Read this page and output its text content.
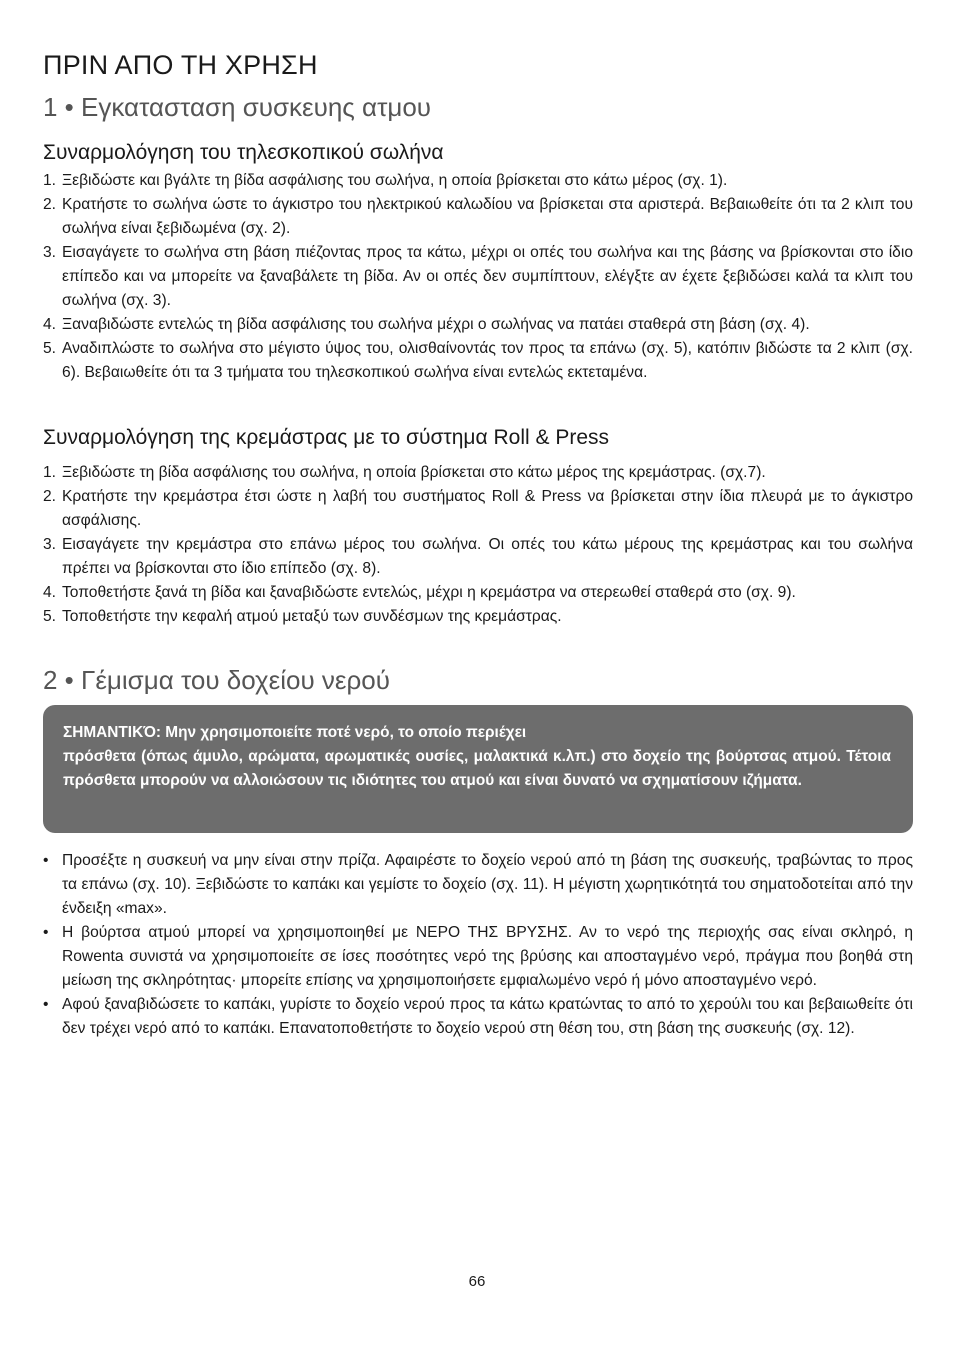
ΠΡΙΝ ΑΠΟ ΤΗ ΧΡΗΣΗ
1 • Εγκατασταση συσκευης ατμου
Συναρμολόγηση του τηλεσκοπικού σωλήνα
1. Ξεβιδώστε και βγάλτε τη βίδα ασφάλισης του σωλήνα, η οποία βρίσκεται στο κάτω μέρος (σχ. 1).
2. Κρατήστε το σωλήνα ώστε το άγκιστρο του ηλεκτρικού καλωδίου να βρίσκεται στα αριστερά. Βεβαιωθείτε ότι τα 2 κλιπ του σωλήνα είναι ξεβιδωμένα (σχ. 2).
3. Εισαγάγετε το σωλήνα στη βάση πιέζοντας προς τα κάτω, μέχρι οι οπές του σωλήνα και της βάσης να βρίσκονται στο ίδιο επίπεδο και να μπορείτε να ξαναβάλετε τη βίδα. Αν οι οπές δεν συμπίπτουν, ελέγξτε αν έχετε ξεβιδώσει καλά τα κλιπ του σωλήνα (σχ. 3).
4. Ξαναβιδώστε εντελώς τη βίδα ασφάλισης του σωλήνα μέχρι ο σωλήνας να πατάει σταθερά στη βάση (σχ. 4).
5. Αναδιπλώστε το σωλήνα στο μέγιστο ύψος του, ολισθαίνοντάς τον προς τα επάνω (σχ. 5), κατόπιν βιδώστε τα 2 κλιπ (σχ. 6). Βεβαιωθείτε ότι τα 3 τμήματα του τηλεσκοπικού σωλήνα είναι εντελώς εκτεταμένα.
Συναρμολόγηση της κρεμάστρας με το σύστημα Roll & Press
1. Ξεβιδώστε τη βίδα ασφάλισης του σωλήνα, η οποία βρίσκεται στο κάτω μέρος της κρεμάστρας. (σχ.7).
2. Κρατήστε την κρεμάστρα έτσι ώστε η λαβή του συστήματος Roll & Press να βρίσκεται στην ίδια πλευρά με το άγκιστρο ασφάλισης.
3. Εισαγάγετε την κρεμάστρα στο επάνω μέρος του σωλήνα. Οι οπές του κάτω μέρους της κρεμάστρας και του σωλήνα πρέπει να βρίσκονται στο ίδιο επίπεδο (σχ. 8).
4. Τοποθετήστε ξανά τη βίδα και ξαναβιδώστε εντελώς, μέχρι η κρεμάστρα να στερεωθεί σταθερά στο (σχ. 9).
5. Τοποθετήστε την κεφαλή ατμού μεταξύ των συνδέσμων της κρεμάστρας.
2 • Γέμισμα του δοχείου νερού

ΣΗΜΑΝΤΙΚΌ: Μην χρησιμοποιείτε ποτέ νερό, το οποίο περιέχει

πρόσθετα (όπως άμυλο, αρώματα, αρωματικές ουσίες, μαλακτικά κ.λπ.) στο δοχείο της βούρτσας ατμού. Τέτοια πρόσθετα μπορούν να αλλοιώσουν τις ιδιότητες του ατμού και είναι δυνατό να σχηματίσουν ιζήματα.

• Προσέξτε η συσκευή να μην είναι στην πρίζα. Αφαιρέστε το δοχείο νερού από τη βάση της συσκευής, τραβώντας το προς τα επάνω (σχ. 10). Ξεβιδώστε το καπάκι και γεμίστε το δοχείο (σχ. 11). Η μέγιστη χωρητικότητά του σηματοδοτείται από την ένδειξη «max».
• Η βούρτσα ατμού μπορεί να χρησιμοποιηθεί με ΝΕΡΟ ΤΗΣ ΒΡΥΣΗΣ. Αν το νερό της περιοχής σας είναι σκληρό, η Rowenta συνιστά να χρησιμοποιείτε σε ίσες ποσότητες νερό της βρύσης και αποσταγμένο νερό, πράγμα που βοηθά στη μείωση της σκληρότητας· μπορείτε επίσης να χρησιμοποιήσετε εμφιαλωμένο νερό ή μόνο αποσταγμένο νερό.
• Αφού ξαναβιδώσετε το καπάκι, γυρίστε το δοχείο νερού προς τα κάτω κρατώντας το από το χερούλι του και βεβαιωθείτε ότι δεν τρέχει νερό από το καπάκι. Επανατοποθετήστε το δοχείο νερού στη θέση του, στη βάση της συσκευής (σχ. 12).
66
